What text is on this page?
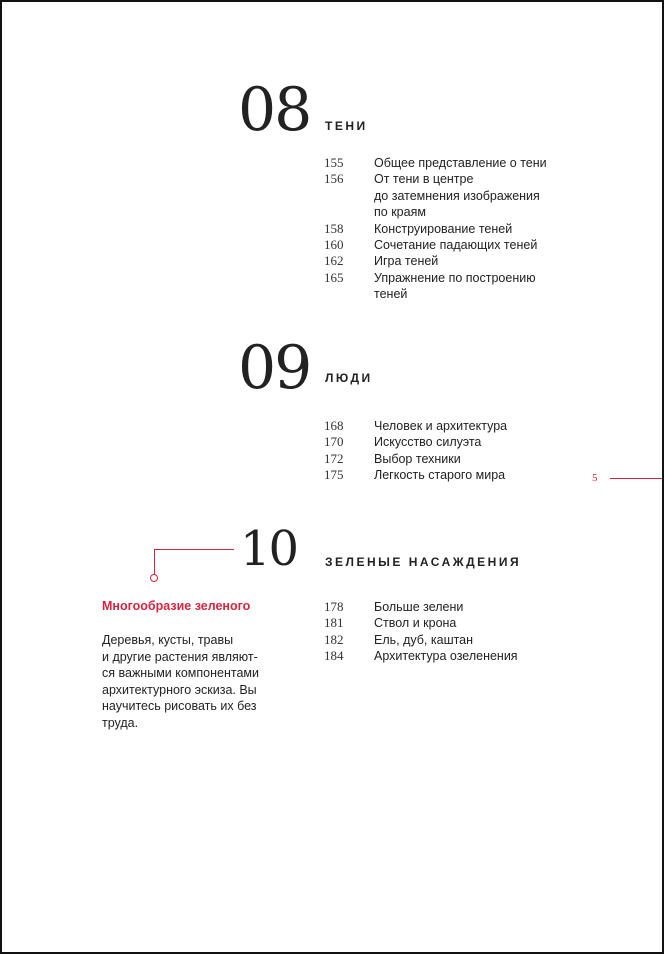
08 ТЕНИ
155	Общее представление о тени
156	От тени в центре
до затемнения изображения
по краям
158	Конструирование теней
160	Сочетание падающих теней
162	Игра теней
165	Упражнение по построению
теней
09 ЛЮДИ
168	Человек и архитектура
170	Искусство силуэта
172	Выбор техники
175	Легкость старого мира	5
10 ЗЕЛЕНЫЕ НАСАЖДЕНИЯ
178	Больше зелени
181	Ствол и крона
182	Ель, дуб, каштан
184	Архитектура озеленения
Многообразие зеленого

Деревья, кусты, травы
и другие растения являют-
ся важными компонентами
архитектурного эскиза. Вы
научитесь рисовать их без
труда.
